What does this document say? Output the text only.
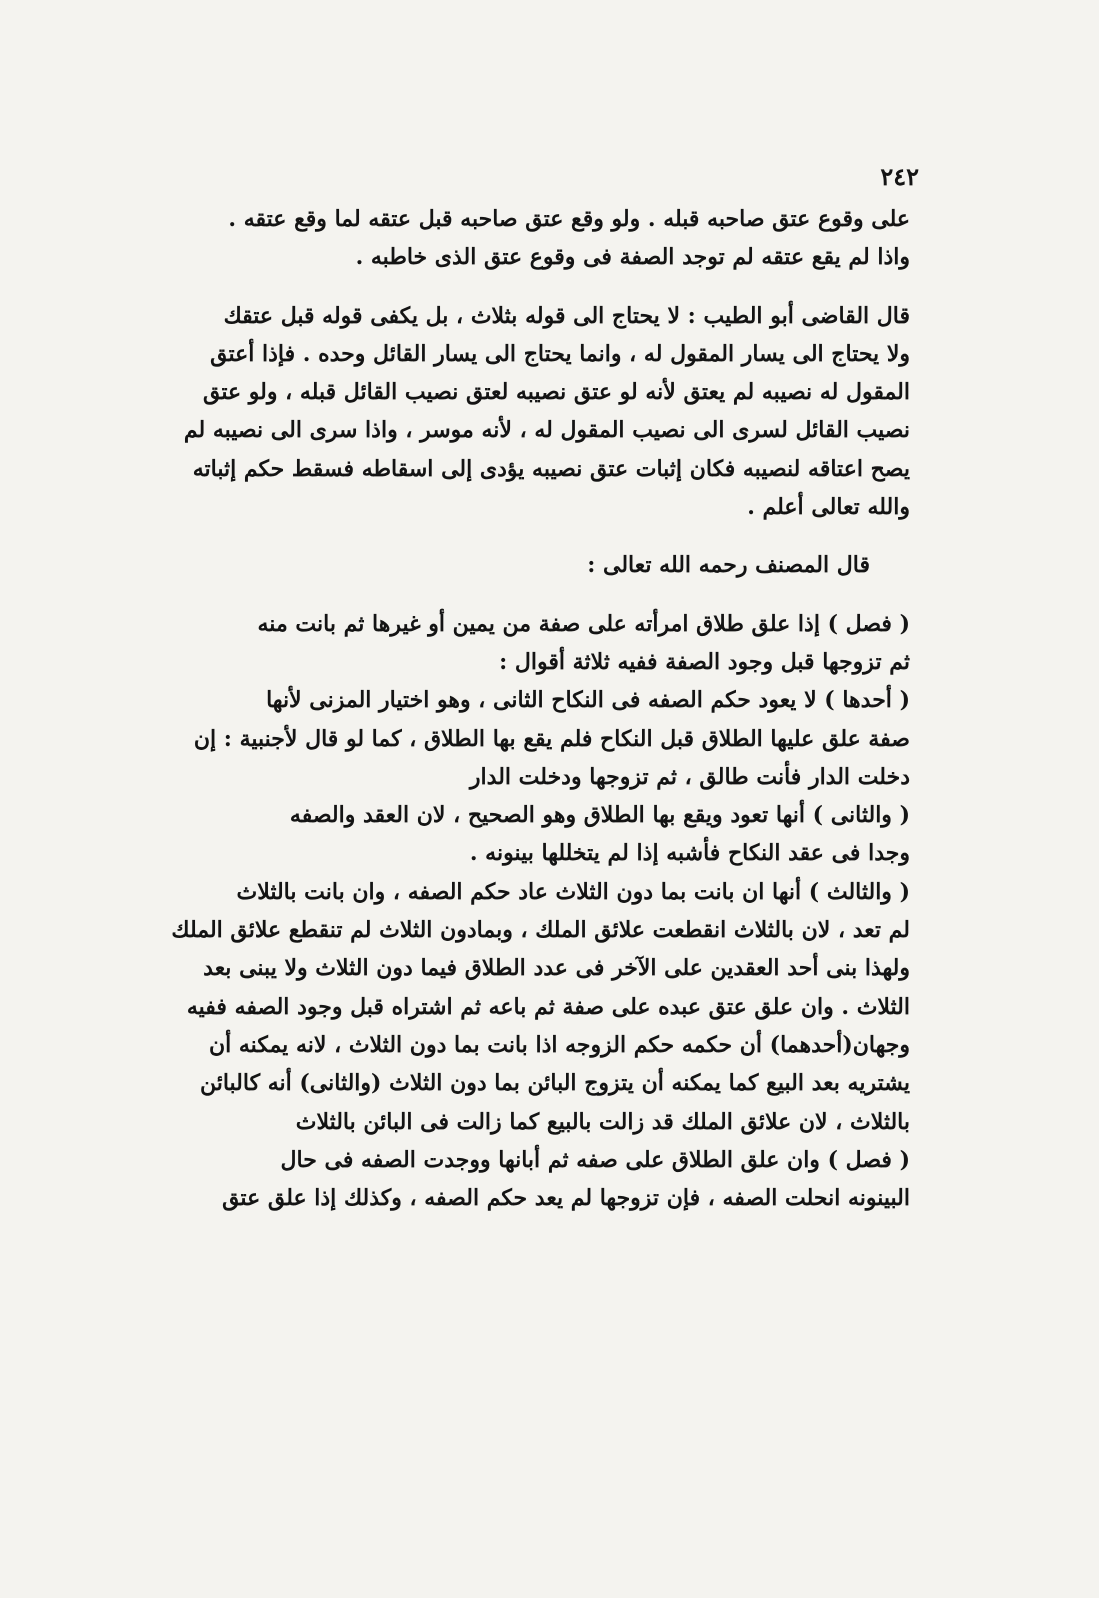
٢٤٢
على وقوع عتق صاحبه قبله . ولو وقع عتق صاحبه قبل عتقه لما وقع عتقه .
واذا لم يقع عتقه لم توجد الصفة فى وقوع عتق الذى خاطبه .
قال القاضى أبو الطيب : لا يحتاج الى قوله بثلاث ، بل يكفى قوله قبل عتقك
ولا يحتاج الى يسار المقول له ، وانما يحتاج الى يسار القائل وحده . فإذا أعتق
المقول له نصيبه لم يعتق لأنه لو عتق نصيبه لعتق نصيب القائل قبله ، ولو عتق
نصيب القائل لسرى الى نصيب المقول له ، لأنه موسر ، واذا سرى الى نصيبه لم
يصح اعتاقه لنصيبه فكان إثبات عتق نصيبه يؤدى إلى اسقاطه فسقط حكم إثباته
والله تعالى أعلم .
قال المصنف رحمه الله تعالى :
( فصل ) إذا علق طلاق امرأته على صفة من يمين أو غيرها ثم بانت منه
ثم تزوجها قبل وجود الصفة ففيه ثلاثة أقوال :
( أحدها ) لا يعود حكم الصفه فى النكاح الثانى ، وهو اختيار المزنى لأنها
صفة علق عليها الطلاق قبل النكاح فلم يقع بها الطلاق ، كما لو قال لأجنبية : إن
دخلت الدار فأنت طالق ، ثم تزوجها ودخلت الدار
( والثانى ) أنها تعود ويقع بها الطلاق وهو الصحيح ، لان العقد والصفه
وجدا فى عقد النكاح فأشبه إذا لم يتخللها بينونه .
( والثالث ) أنها ان بانت بما دون الثلاث عاد حكم الصفه ، وان بانت بالثلاث
لم تعد ، لان بالثلاث انقطعت علائق الملك ، وبمادون الثلاث لم تنقطع علائق الملك
ولهذا بنى أحد العقدين على الآخر فى عدد الطلاق فيما دون الثلاث ولا يبنى بعد
الثلاث . وان علق عتق عبده على صفة ثم باعه ثم اشتراه قبل وجود الصفه ففيه
وجهان(أحدهما) أن حكمه حكم الزوجه اذا بانت بما دون الثلاث ، لانه يمكنه أن
يشتريه بعد البيع كما يمكنه أن يتزوج البائن بما دون الثلاث (والثانى) أنه كالبائن
بالثلاث ، لان علائق الملك قد زالت بالبيع كما زالت فى البائن بالثلاث
( فصل ) وان علق الطلاق على صفه ثم أبانها ووجدت الصفه فى حال
البينونه انحلت الصفه ، فإن تزوجها لم يعد حكم الصفه ، وكذلك إذا علق عتق
